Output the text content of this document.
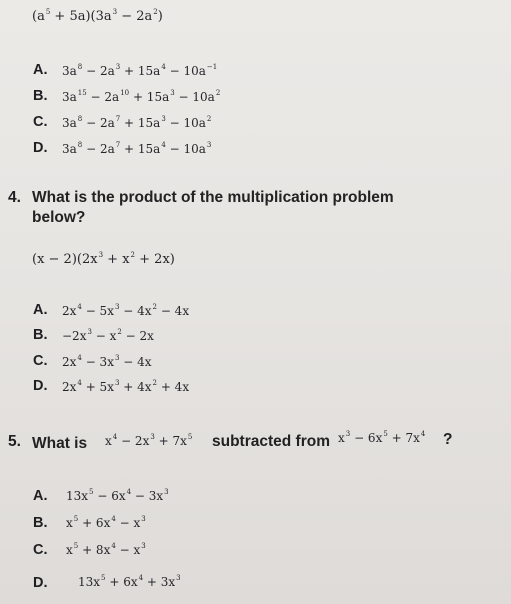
$(a^5 + 5a)(3a^3 - 2a^2)$
A. $3a^8 - 2a^3 + 15a^4 - 10a^{-1}$
B. $3a^{15} - 2a^{10} + 15a^3 - 10a^2$
C. $3a^8 - 2a^7 + 15a^3 - 10a^2$
D. $3a^8 - 2a^7 + 15a^4 - 10a^3$
4. What is the product of the multiplication problem
below?
$(x - 2)(2x^3 + x^2 + 2x)$
A. $2x^4 - 5x^3 - 4x^2 - 4x$
B. $-2x^3 - x^2 - 2x$
C. $2x^4 - 3x^3 - 4x$
D. $2x^4 + 5x^3 + 4x^2 + 4x$
5. What is $x^4 - 2x^3 + 7x^5$ subtracted from $x^3 - 6x^5 + 7x^4$ ?
A. $13x^5 - 6x^4 - 3x^3$
B. $x^5 + 6x^4 - x^3$
C. $x^5 + 8x^4 - x^3$
D.	$13x^5 + 6x^4 + 3x^3$
